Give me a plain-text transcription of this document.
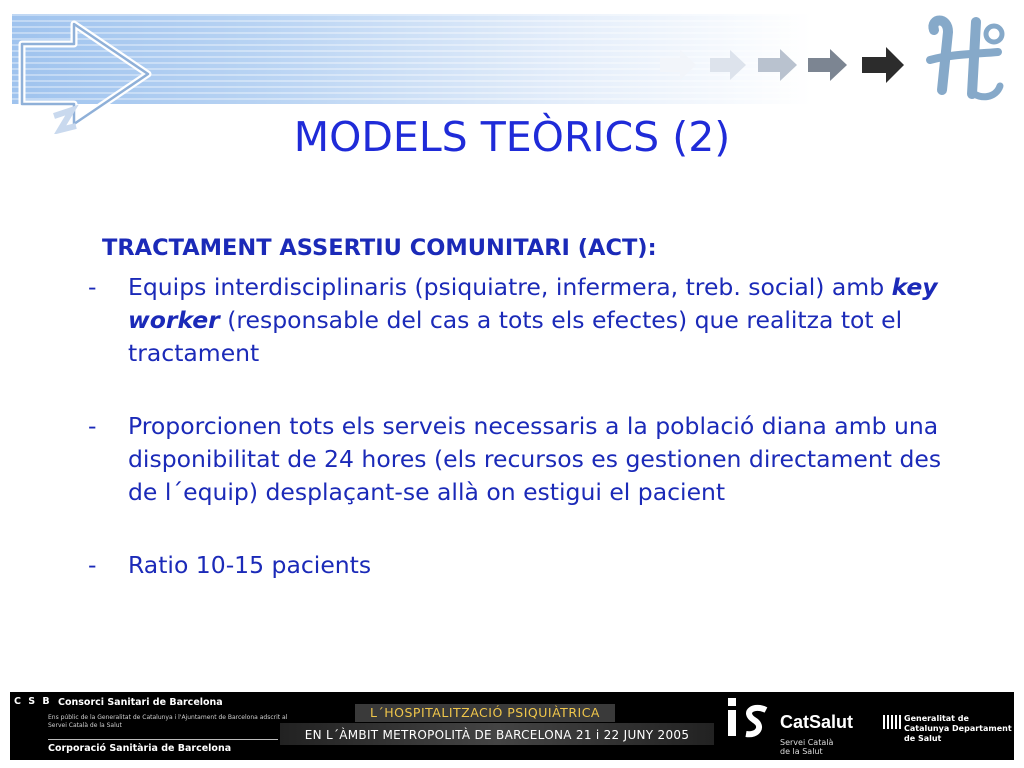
MODELS TEÒRICS (2)

TRACTAMENT ASSERTIU COMUNITARI (ACT):

-	Equips interdisciplinaris (psiquiatre, infermera, treb. social) amb key worker (responsable del cas a tots els efectes) que realitza tot el tractament
-	Proporcionen tots els serveis necessaris a la població diana amb una disponibilitat de 24 hores (els recursos es gestionen directament des de l´equip) desplaçant-se allà on estigui el pacient
-	Ratio 10-15 pacients
C S B Consorci Sanitari de Barcelona
Ens públic de la Generalitat de Catalunya i l'Ajuntament de Barcelona adscrit al Servei Català de la Salut
Corporació Sanitària de Barcelona
L´HOSPITALITZACIÓ PSIQUIÀTRICA
EN L´ÀMBIT METROPOLITÀ DE BARCELONA 21 i 22 JUNY 2005
CatSalut
Servei Català de la Salut
Generalitat de Catalunya Departament de Salut
